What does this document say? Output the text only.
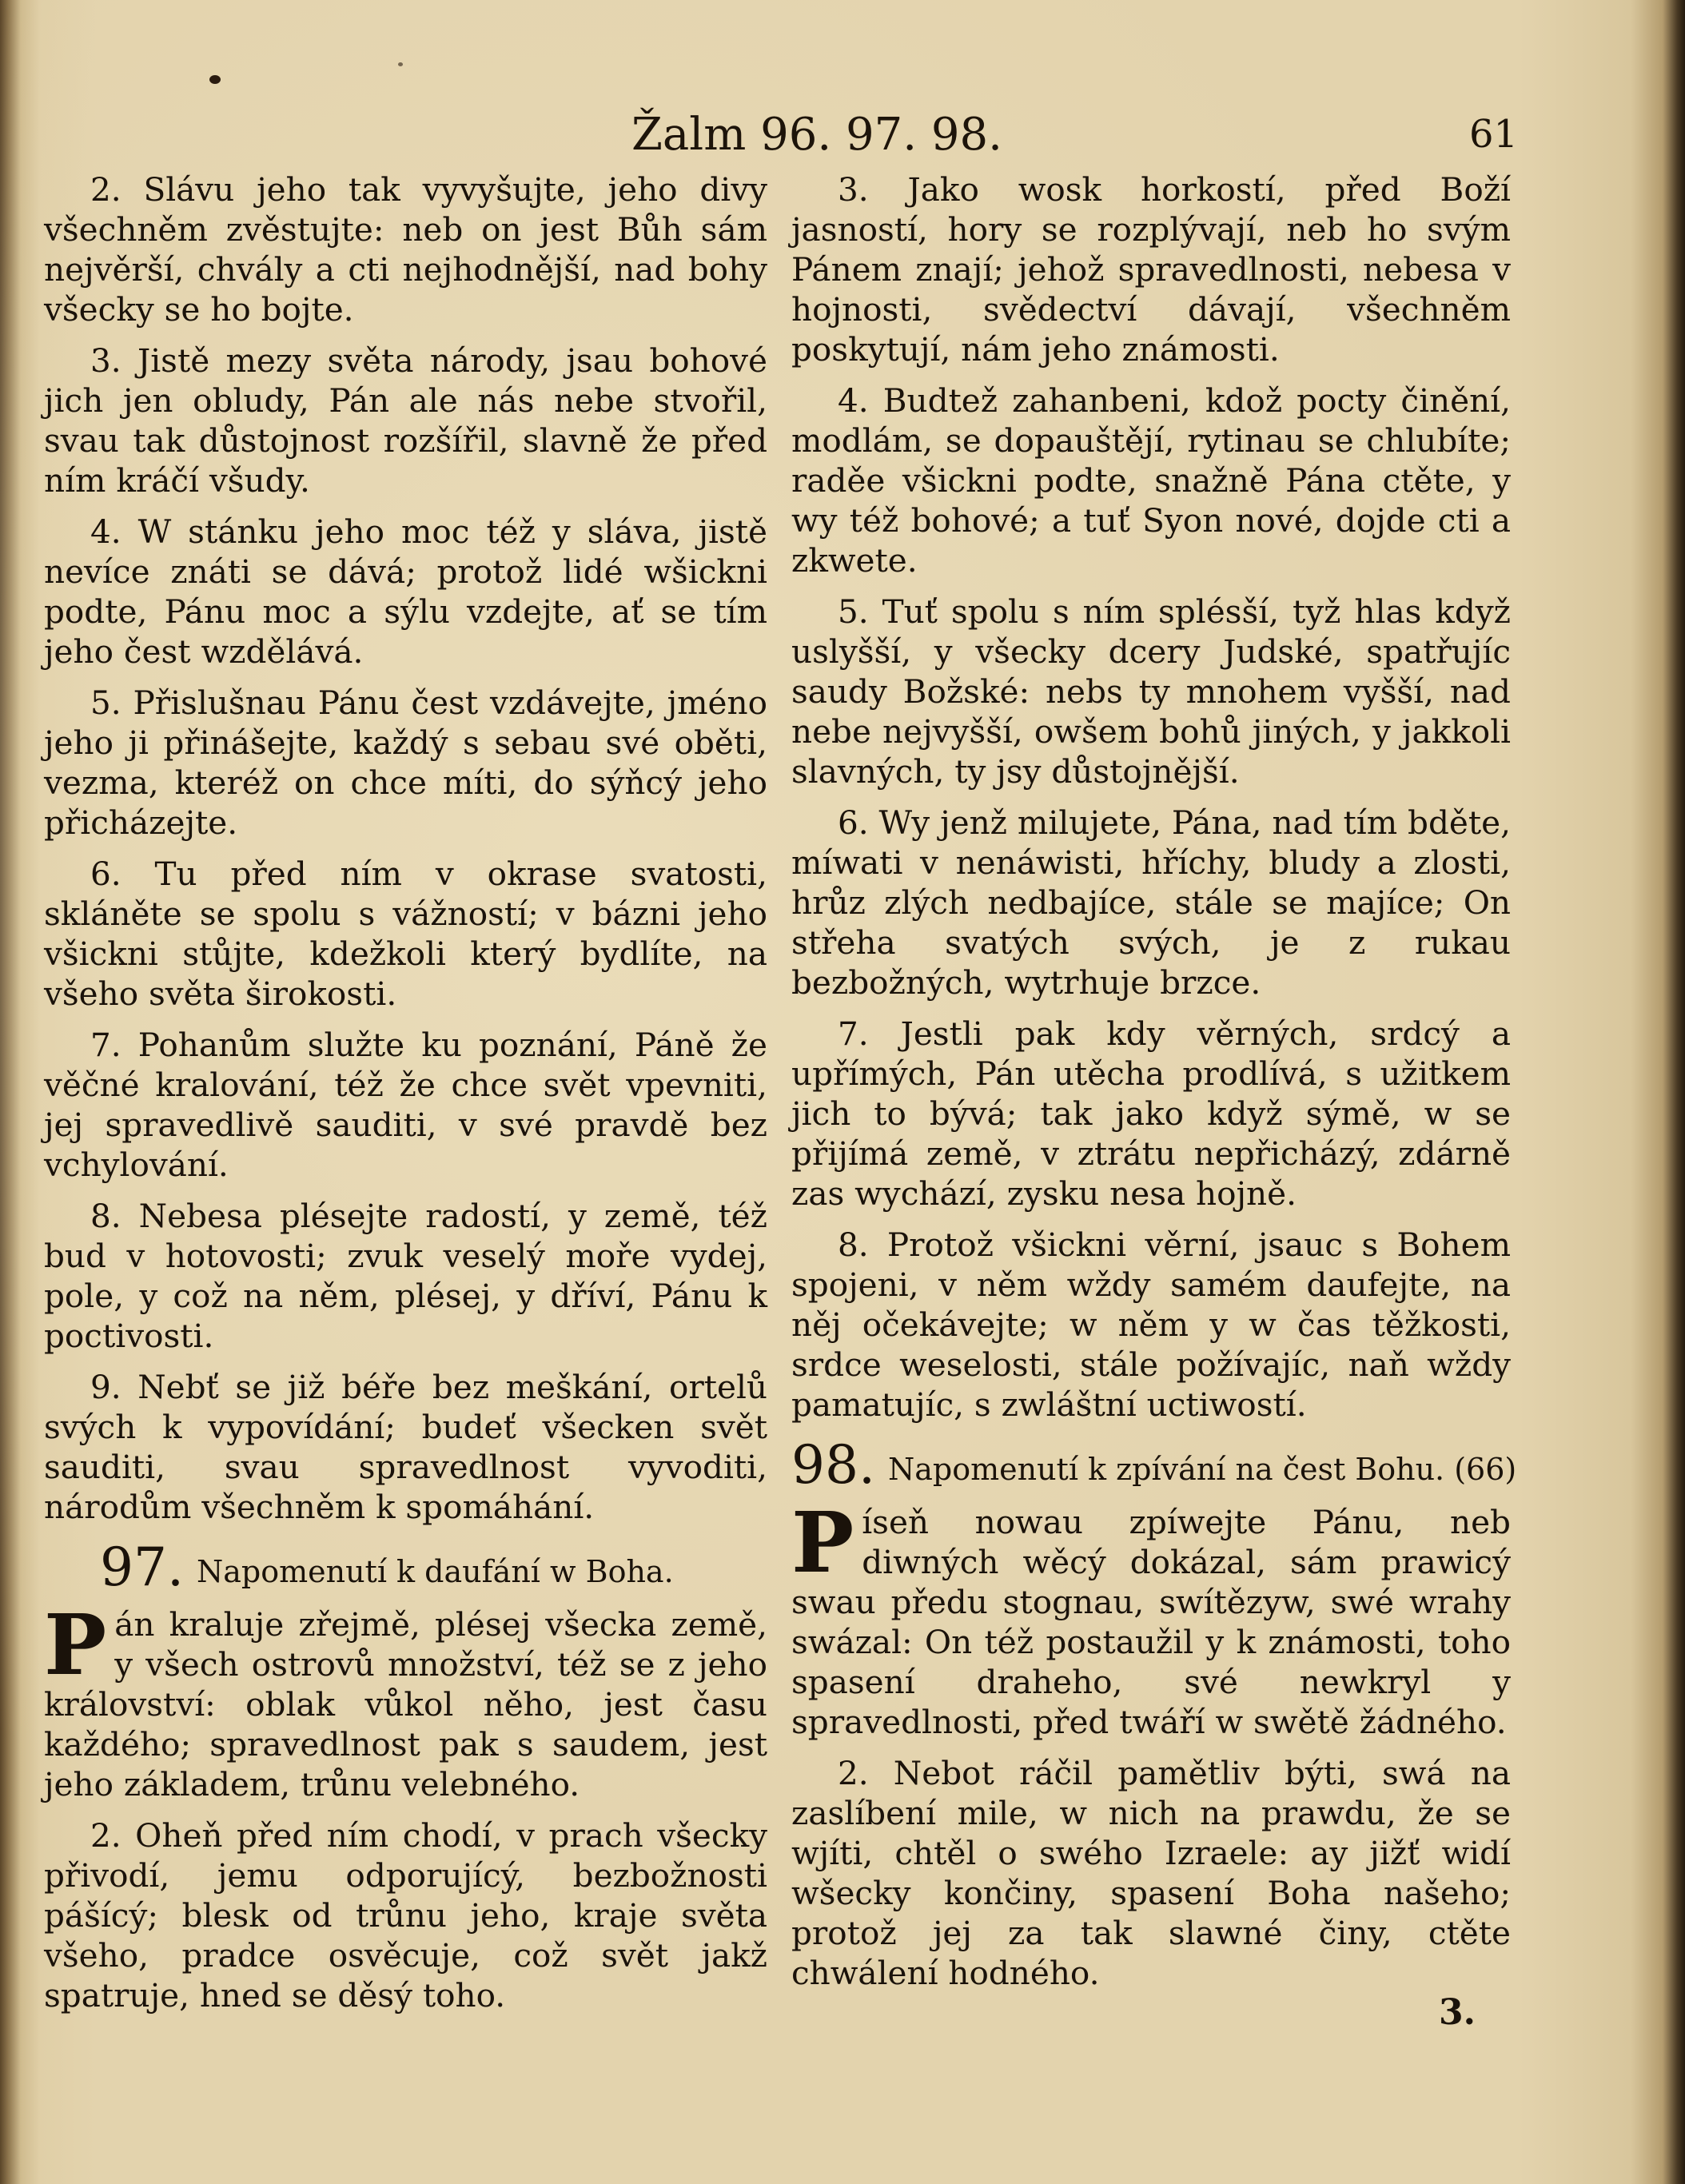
Žalm 96. 97. 98.	61

2. Slávu jeho tak vyvyšujte, jeho divy všechněm zvěstujte: neb on jest Bůh sám nejvěrší, chvály a cti nejhodnější, nad bohy všecky se ho bojte.

3. Jistě mezy světa národy, jsau bohové jich jen obludy, Pán ale nás nebe stvořil, svau tak důstojnost rozšířil, slavně že před ním kráčí všudy.

4. W stánku jeho moc též y sláva, jistě nevíce znáti se dává; protož lidé wšickni podte, Pánu moc a sýlu vzdejte, ať se tím jeho čest wzdělává.

5. Přislušnau Pánu čest vzdávejte, jméno jeho ji přinášejte, každý s sebau své oběti, vezma, kteréž on chce míti, do sýňcý jeho přicházejte.

6. Tu před ním v okrase svatosti, skláněte se spolu s vážností; v bázni jeho všickni stůjte, kdežkoli který bydlíte, na všeho světa širokosti.

7. Pohanům služte ku poznání, Páně že věčné kralování, též že chce svět vpevniti, jej spravedlivě sauditi, v své pravdě bez vchylování.

8. Nebesa plésejte radostí, y země, též bud v hotovosti; zvuk veselý moře vydej, pole, y což na něm, plésej, y dříví, Pánu k poctivosti.

9. Nebť se již béře bez meškání, ortelů svých k vypovídání; budeť všecken svět sauditi, svau spravedlnost vyvoditi, národům všechněm k spomáhání.

97. Napomenutí k daufání w Boha.

Pán kraluje zřejmě, plésej všecka země, y všech ostrovů množství, též se z jeho království: oblak vůkol něho, jest času každého; spravedlnost pak s saudem, jest jeho základem, trůnu velebného.

2. Oheň před ním chodí, v prach všecky přivodí, jemu odporujícý, bezbožnosti pášícý; blesk od trůnu jeho, kraje světa všeho, pradce osvěcuje, což svět jakž spatruje, hned se děsý toho.

3. Jako wosk horkostí, před Boží jasností, hory se rozplývají, neb ho svým Pánem znají; jehož spravedlnosti, nebesa v hojnosti, svědectví dávají, všechněm poskytují, nám jeho známosti.

4. Budtež zahanbeni, kdož pocty činění, modlám, se dopauštějí, rytinau se chlubíte; raděe všickni podte, snažně Pána ctěte, y wy též bohové; a tuť Syon nové, dojde cti a zkwete.

5. Tuť spolu s ním splésší, tyž hlas když uslyšší, y všecky dcery Judské, spatřujíc saudy Božské: nebs ty mnohem vyšší, nad nebe nejvyšší, owšem bohů jiných, y jakkoli slavných, ty jsy důstojnější.

6. Wy jenž milujete, Pána, nad tím bděte, míwati v nenáwisti, hříchy, bludy a zlosti, hrůz zlých nedbajíce, stále se majíce; On střeha svatých svých, je z rukau bezbožných, wytrhuje brzce.

7. Jestli pak kdy věrných, srdcý a upřímých, Pán utěcha prodlívá, s užitkem jich to bývá; tak jako když sýmě, w se přijímá země, v ztrátu nepřicházý, zdárně zas wychází, zysku nesa hojně.

8. Protož všickni věrní, jsauc s Bohem spojeni, v něm wždy samém daufejte, na něj očekávejte; w něm y w čas těžkosti, srdce weselosti, stále požívajíc, naň wždy pamatujíc, s zwláštní uctiwostí.

98. Napomenutí k zpívání na čest Bohu. (66)

Píseň nowau zpíwejte Pánu, neb diwných wěcý dokázal, sám prawicý swau předu stognau, swítězyw, swé wrahy swázal: On též postaužil y k známosti, toho spasení draheho, své newkryl y spravedlnosti, před twáří w swětě žádného.

2. Nebot ráčil pamětliv býti, swá na zaslíbení mile, w nich na prawdu, že se wjíti, chtěl o swého Izraele: ay jižť widí wšecky končiny, spasení Boha našeho; protož jej za tak slawné činy, ctěte chwálení hodného.

3.
